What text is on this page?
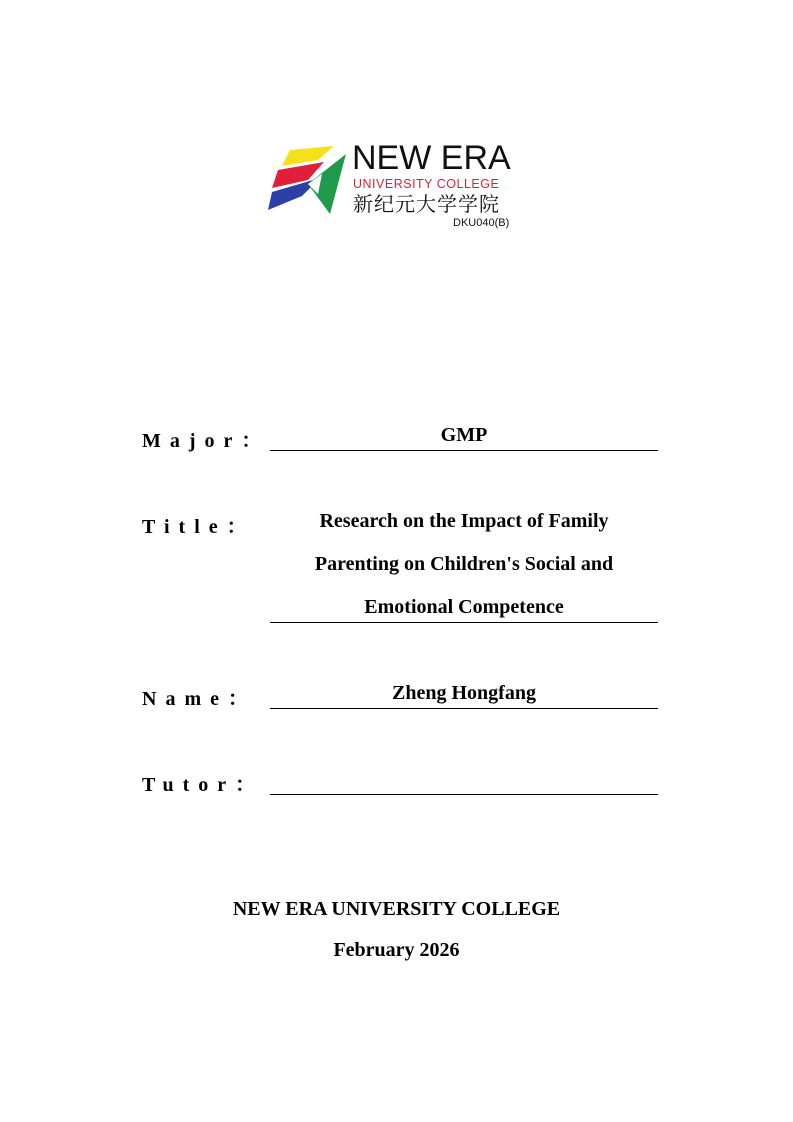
NEW ERA
UNIVERSITY COLLEGE
新纪元大学学院
DKU040(B)
Major：	GMP
Title：	Research on the Impact of Family
Parenting on Children's Social and
Emotional Competence
Name：	Zheng Hongfang
Tutor：
NEW ERA UNIVERSITY COLLEGE
February 2026
